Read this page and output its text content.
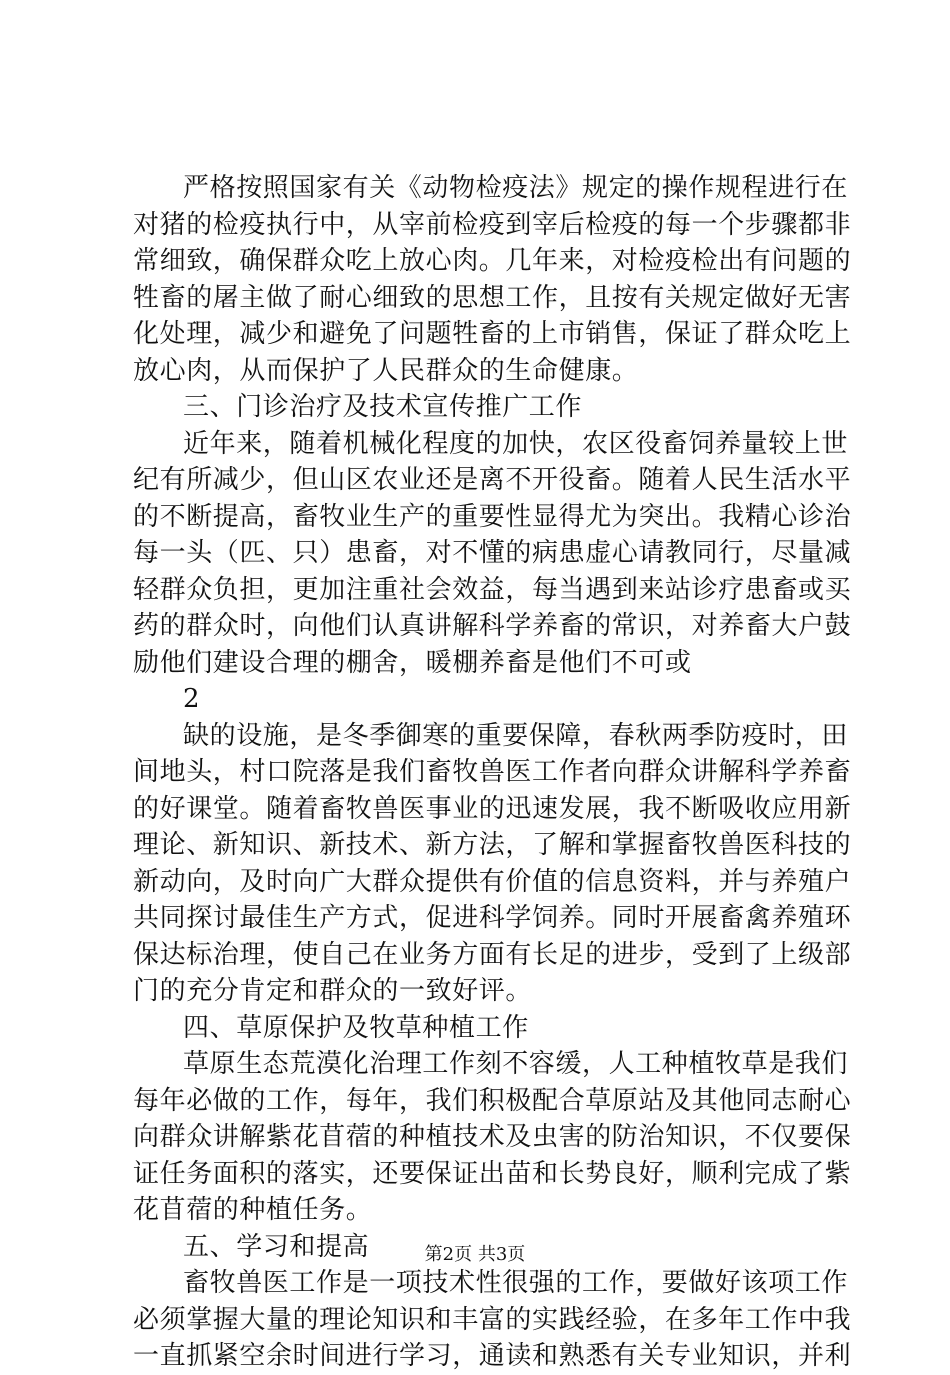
严格按照国家有关《动物检疫法》规定的操作规程进行在
对猪的检疫执行中，从宰前检疫到宰后检疫的每一个步骤都非
常细致，确保群众吃上放心肉。几年来，对检疫检出有问题的
牲畜的屠主做了耐心细致的思想工作，且按有关规定做好无害
化处理，减少和避免了问题牲畜的上市销售，保证了群众吃上
放心肉，从而保护了人民群众的生命健康。
三、门诊治疗及技术宣传推广工作
近年来，随着机械化程度的加快，农区役畜饲养量较上世
纪有所减少，但山区农业还是离不开役畜。随着人民生活水平
的不断提高，畜牧业生产的重要性显得尤为突出。我精心诊治
每一头（匹、只）患畜，对不懂的病患虚心请教同行，尽量减
轻群众负担，更加注重社会效益，每当遇到来站诊疗患畜或买
药的群众时，向他们认真讲解科学养畜的常识，对养畜大户鼓
励他们建设合理的棚舍，暖棚养畜是他们不可或
2
缺的设施，是冬季御寒的重要保障，春秋两季防疫时，田
间地头，村口院落是我们畜牧兽医工作者向群众讲解科学养畜
的好课堂。随着畜牧兽医事业的迅速发展，我不断吸收应用新
理论、新知识、新技术、新方法，了解和掌握畜牧兽医科技的
新动向，及时向广大群众提供有价值的信息资料，并与养殖户
共同探讨最佳生产方式，促进科学饲养。同时开展畜禽养殖环
保达标治理，使自己在业务方面有长足的进步，受到了上级部
门的充分肯定和群众的一致好评。
四、草原保护及牧草种植工作
草原生态荒漠化治理工作刻不容缓，人工种植牧草是我们
每年必做的工作，每年，我们积极配合草原站及其他同志耐心
向群众讲解紫花苜蓿的种植技术及虫害的防治知识，不仅要保
证任务面积的落实，还要保证出苗和长势良好，顺利完成了紫
花苜蓿的种植任务。
五、学习和提高
畜牧兽医工作是一项技术性很强的工作，要做好该项工作
必须掌握大量的理论知识和丰富的实践经验，在多年工作中我
一直抓紧空余时间进行学习，通读和熟悉有关专业知识，并利
第2页 共3页
